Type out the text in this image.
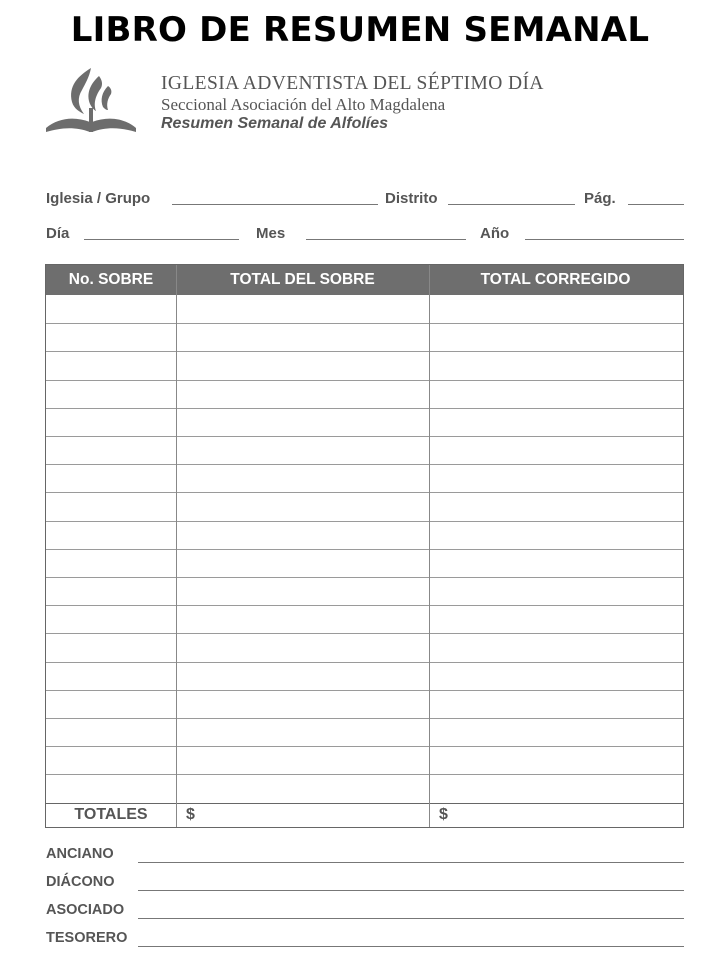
LIBRO DE RESUMEN SEMANAL
IGLESIA ADVENTISTA DEL SÉPTIMO DÍA
Seccional Asociación del Alto Magdalena
Resumen Semanal de Alfolíes
Iglesia / Grupo	Distrito	Pág.
Día	Mes	Año
No. SOBRE	TOTAL DEL SOBRE	TOTAL CORREGIDO
TOTALES	$	$
ANCIANO
DIÁCONO
ASOCIADO
TESORERO
